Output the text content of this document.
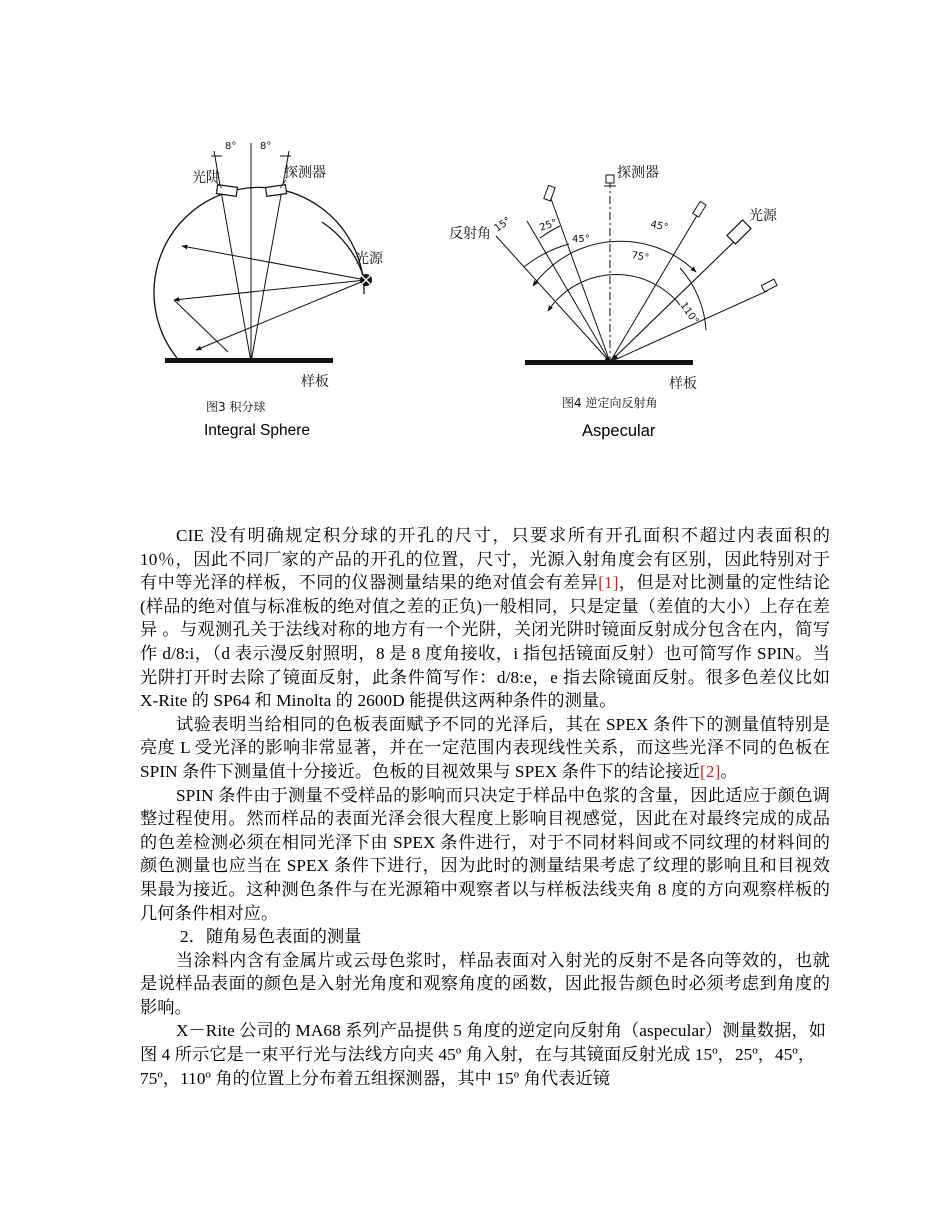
8° 8°
光阱	探测器
光源
样板
图3 积分球
探测器
反射角
光源
样板
15°	25°
45°
45°
75°
110°
图4 逆定向反射角
Integral Sphere	Aspecular

CIE 没有明确规定积分球的开孔的尺寸，只要求所有开孔面积不超过内表面积的 10％，因此不同厂家的产品的开孔的位置，尺寸，光源入射角度会有区别，因此特别对于有中等光泽的样板，不同的仪器测量结果的绝对值会有差异[1]，但是对比测量的定性结论(样品的绝对值与标准板的绝对值之差的正负)一般相同，只是定量（差值的大小）上存在差异 。与观测孔关于法线对称的地方有一个光阱，关闭光阱时镜面反射成分包含在内，简写作 d/8:i，（d 表示漫反射照明，8 是 8 度角接收，i 指包括镜面反射）也可简写作 SPIN。当光阱打开时去除了镜面反射，此条件简写作：d/8:e，e 指去除镜面反射。很多色差仪比如 X-Rite 的 SP64 和 Minolta 的 2600D 能提供这两种条件的测量。

试验表明当给相同的色板表面赋予不同的光泽后，其在 SPEX 条件下的测量值特别是亮度 L 受光泽的影响非常显著，并在一定范围内表现线性关系，而这些光泽不同的色板在 SPIN 条件下测量值十分接近。色板的目视效果与 SPEX 条件下的结论接近[2]。

SPIN 条件由于测量不受样品的影响而只决定于样品中色浆的含量，因此适应于颜色调整过程使用。然而样品的表面光泽会很大程度上影响目视感觉，因此在对最终完成的成品的色差检测必须在相同光泽下由 SPEX 条件进行，对于不同材料间或不同纹理的材料间的颜色测量也应当在 SPEX 条件下进行，因为此时的测量结果考虑了纹理的影响且和目视效果最为接近。这种测色条件与在光源箱中观察者以与样板法线夹角 8 度的方向观察样板的几何条件相对应。

2．随角易色表面的测量

当涂料内含有金属片或云母色浆时，样品表面对入射光的反射不是各向等效的，也就是说样品表面的颜色是入射光角度和观察角度的函数，因此报告颜色时必须考虑到角度的影响。

X－Rite 公司的 MA68 系列产品提供 5 角度的逆定向反射角（aspecular）测量数据，如图 4 所示它是一束平行光与法线方向夹 45º 角入射，在与其镜面反射光成 15º，25º，45º，75º，110º 角的位置上分布着五组探测器，其中 15º 角代表近镜
